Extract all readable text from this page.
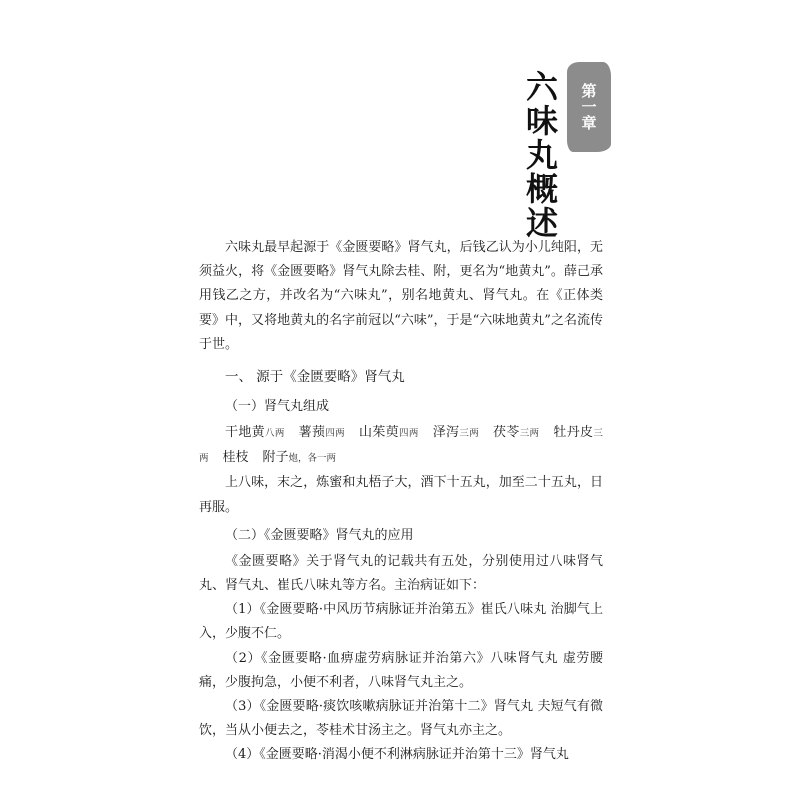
第一章
六味丸概述

六味丸最早起源于《金匮要略》肾气丸，后钱乙认为小儿纯阳，无须益火，将《金匮要略》肾气丸除去桂、附，更名为“地黄丸”。薛己承用钱乙之方，并改名为“六味丸”，别名地黄丸、肾气丸。在《正体类要》中，又将地黄丸的名字前冠以“六味”，于是“六味地黄丸”之名流传于世。

一、 源于《金匮要略》肾气丸
（一）肾气丸组成

干地黄八两 薯蓣四两 山茱萸四两 泽泻三两 茯苓三两 牡丹皮三两 桂枝 附子炮，各一两

上八味，末之，炼蜜和丸梧子大，酒下十五丸，加至二十五丸，日再服。

（二）《金匮要略》肾气丸的应用

《金匮要略》关于肾气丸的记载共有五处，分别使用过八味肾气丸、肾气丸、崔氏八味丸等方名。主治病证如下：

（1）《金匮要略·中风历节病脉证并治第五》崔氏八味丸 治脚气上入，少腹不仁。

（2）《金匮要略·血痹虚劳病脉证并治第六》八味肾气丸 虚劳腰痛，少腹拘急，小便不利者，八味肾气丸主之。

（3）《金匮要略·痰饮咳嗽病脉证并治第十二》肾气丸 夫短气有微饮，当从小便去之，苓桂术甘汤主之。肾气丸亦主之。

（4）《金匮要略·消渴小便不利淋病脉证并治第十三》肾气丸
